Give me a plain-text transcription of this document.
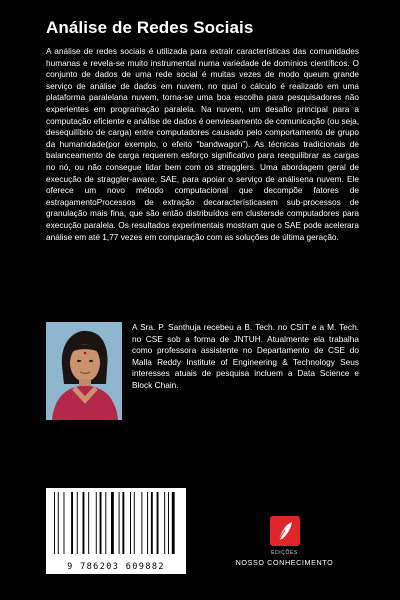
Análise de Redes Sociais

A análise de redes sociais é utilizada para extrair características das comunidades humanas e revela-se muito instrumental numa variedade de domínios científicos. O conjunto de dados de uma rede social é muitas vezes de modo queum grande serviço de análise de dados em nuvem, no qual o cálculo é realizado em uma plataforma paralelana nuvem, torna-se uma boa escolha para pesquisadores não experientes em programação paralela. Na nuvem, um desafio principal para a computação eficiente e análise de dados é oenviesamento de comunicação (ou seja, desequilíbrio de carga) entre computadores causado pelo comportamento de grupo da humanidade(por exemplo, o efeito "bandwagon"). As técnicas tradicionais de balanceamento de carga requerem esforço significativo para reequilibrar as cargas no nó, ou não consegue lidar bem com os stragglers. Uma abordagem geral de execução de straggler-aware, SAE, para apoiar o serviço de análisena nuvem. Ele oferece um novo método computacional que decompõe fatores de estragamentoProcessos de extração decaracterísticasem sub-processos de granulação mais fina, que são então distribuídos em clustersde computadores para execução paralela. Os resultados experimentais mostram que o SAE pode acelerara análise em até 1,77 vezes em comparação com as soluções de última geração.

A Sra. P. Santhuja recebeu a B. Tech. no CSIT e a M. Tech. no CSE sob a forma de JNTUH. Atualmente ela trabalha como professora assistente no Departamento de CSE do Malla Reddy Institute of Engineering & Technology Seus interesses atuais de pesquisa incluem a Data Science e Block Chain.

9 786203 609882
EDIÇÕES
NOSSO CONHECIMENTO
